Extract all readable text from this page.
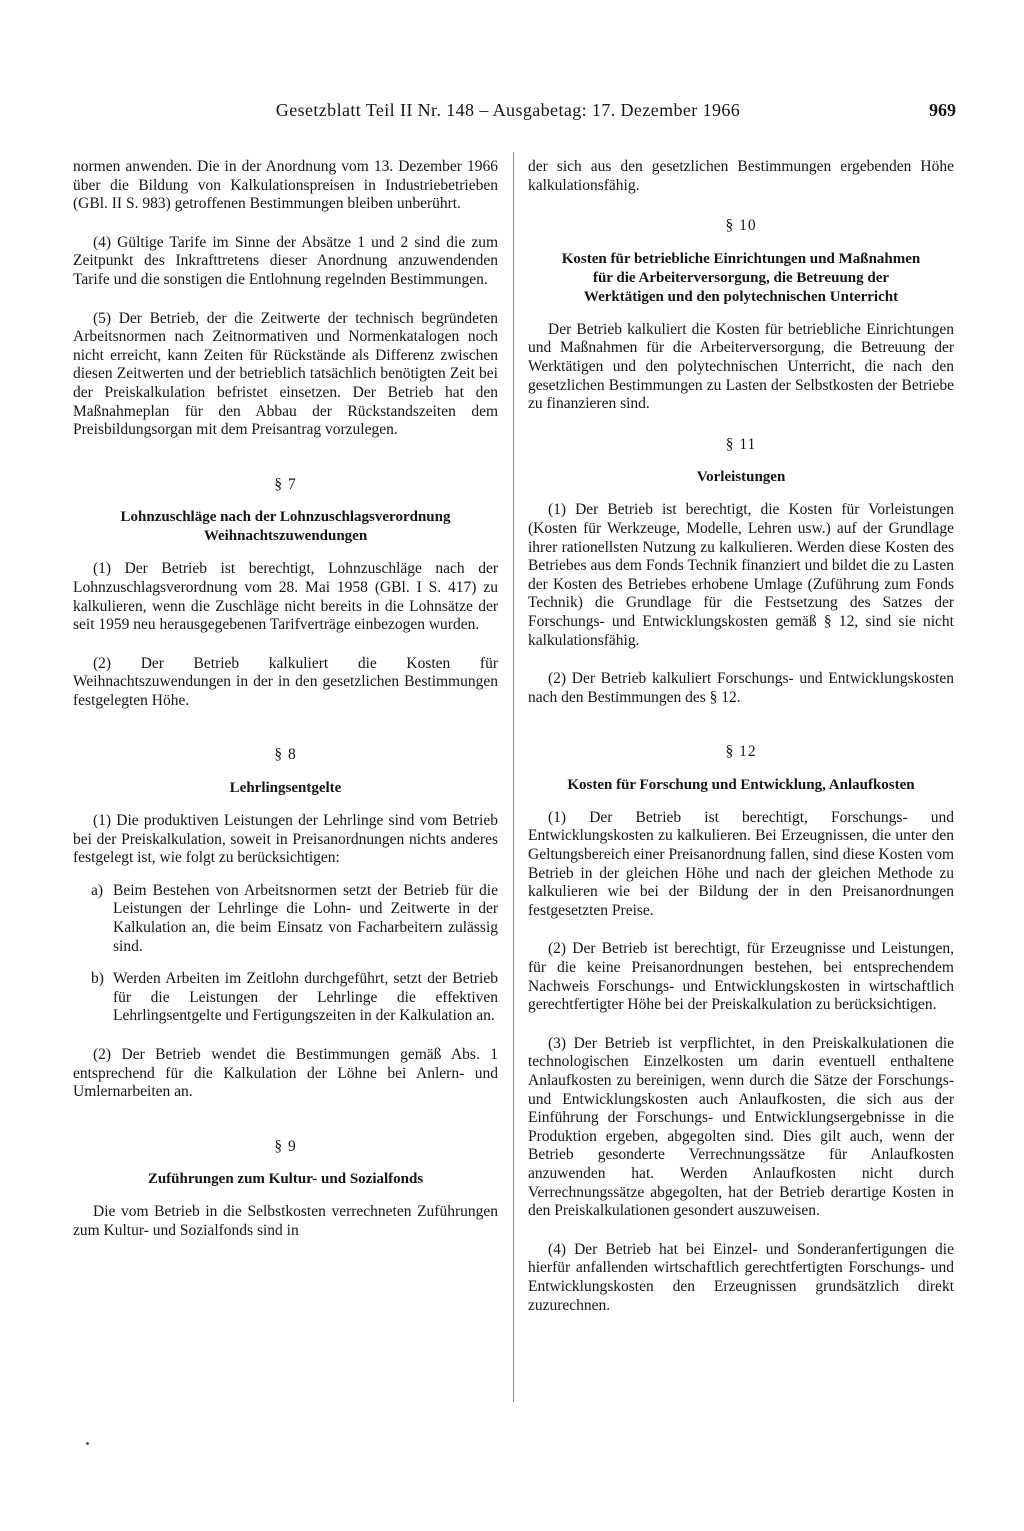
Gesetzblatt Teil II Nr. 148 – Ausgabetag: 17. Dezember 1966	969

normen anwenden. Die in der Anordnung vom 13. Dezember 1966 über die Bildung von Kalkulationspreisen in Industriebetrieben (GBl. II S. 983) getroffenen Bestimmungen bleiben unberührt.

(4) Gültige Tarife im Sinne der Absätze 1 und 2 sind die zum Zeitpunkt des Inkrafttretens dieser Anordnung anzuwendenden Tarife und die sonstigen die Entlohnung regelnden Bestimmungen.

(5) Der Betrieb, der die Zeitwerte der technisch begründeten Arbeitsnormen nach Zeitnormativen und Normenkatalogen noch nicht erreicht, kann Zeiten für Rückstände als Differenz zwischen diesen Zeitwerten und der betrieblich tatsächlich benötigten Zeit bei der Preiskalkulation befristet einsetzen. Der Betrieb hat den Maßnahmeplan für den Abbau der Rückstandszeiten dem Preisbildungsorgan mit dem Preisantrag vorzulegen.

§ 7
Lohnzuschläge nach der Lohnzuschlagsverordnung
Weihnachtszuwendungen

(1) Der Betrieb ist berechtigt, Lohnzuschläge nach der Lohnzuschlagsverordnung vom 28. Mai 1958 (GBl. I S. 417) zu kalkulieren, wenn die Zuschläge nicht bereits in die Lohnsätze der seit 1959 neu herausgegebenen Tarifverträge einbezogen wurden.

(2) Der Betrieb kalkuliert die Kosten für Weihnachtszuwendungen in der in den gesetzlichen Bestimmungen festgelegten Höhe.

§ 8
Lehrlingsentgelte

(1) Die produktiven Leistungen der Lehrlinge sind vom Betrieb bei der Preiskalkulation, soweit in Preisanordnungen nichts anderes festgelegt ist, wie folgt zu berücksichtigen:

a) Beim Bestehen von Arbeitsnormen setzt der Betrieb für die Leistungen der Lehrlinge die Lohn- und Zeitwerte in der Kalkulation an, die beim Einsatz von Facharbeitern zulässig sind.

b) Werden Arbeiten im Zeitlohn durchgeführt, setzt der Betrieb für die Leistungen der Lehrlinge die effektiven Lehrlingsentgelte und Fertigungszeiten in der Kalkulation an.

(2) Der Betrieb wendet die Bestimmungen gemäß Abs. 1 entsprechend für die Kalkulation der Löhne bei Anlern- und Umlernarbeiten an.

§ 9
Zuführungen zum Kultur- und Sozialfonds

Die vom Betrieb in die Selbstkosten verrechneten Zuführungen zum Kultur- und Sozialfonds sind in

der sich aus den gesetzlichen Bestimmungen ergebenden Höhe kalkulationsfähig.

§ 10
Kosten für betriebliche Einrichtungen und Maßnahmen
für die Arbeiterversorgung, die Betreuung der
Werktätigen und den polytechnischen Unterricht

Der Betrieb kalkuliert die Kosten für betriebliche Einrichtungen und Maßnahmen für die Arbeiterversorgung, die Betreuung der Werktätigen und den polytechnischen Unterricht, die nach den gesetzlichen Bestimmungen zu Lasten der Selbstkosten der Betriebe zu finanzieren sind.

§ 11
Vorleistungen

(1) Der Betrieb ist berechtigt, die Kosten für Vorleistungen (Kosten für Werkzeuge, Modelle, Lehren usw.) auf der Grundlage ihrer rationellsten Nutzung zu kalkulieren. Werden diese Kosten des Betriebes aus dem Fonds Technik finanziert und bildet die zu Lasten der Kosten des Betriebes erhobene Umlage (Zuführung zum Fonds Technik) die Grundlage für die Festsetzung des Satzes der Forschungs- und Entwicklungskosten gemäß § 12, sind sie nicht kalkulationsfähig.

(2) Der Betrieb kalkuliert Forschungs- und Entwicklungskosten nach den Bestimmungen des § 12.

§ 12
Kosten für Forschung und Entwicklung, Anlaufkosten

(1) Der Betrieb ist berechtigt, Forschungs- und Entwicklungskosten zu kalkulieren. Bei Erzeugnissen, die unter den Geltungsbereich einer Preisanordnung fallen, sind diese Kosten vom Betrieb in der gleichen Höhe und nach der gleichen Methode zu kalkulieren wie bei der Bildung der in den Preisanordnungen festgesetzten Preise.

(2) Der Betrieb ist berechtigt, für Erzeugnisse und Leistungen, für die keine Preisanordnungen bestehen, bei entsprechendem Nachweis Forschungs- und Entwicklungskosten in wirtschaftlich gerechtfertigter Höhe bei der Preiskalkulation zu berücksichtigen.

(3) Der Betrieb ist verpflichtet, in den Preiskalkulationen die technologischen Einzelkosten um darin eventuell enthaltene Anlaufkosten zu bereinigen, wenn durch die Sätze der Forschungs- und Entwicklungskosten auch Anlaufkosten, die sich aus der Einführung der Forschungs- und Entwicklungsergebnisse in die Produktion ergeben, abgegolten sind. Dies gilt auch, wenn der Betrieb gesonderte Verrechnungssätze für Anlaufkosten anzuwenden hat. Werden Anlaufkosten nicht durch Verrechnungssätze abgegolten, hat der Betrieb derartige Kosten in den Preiskalkulationen gesondert auszuweisen.

(4) Der Betrieb hat bei Einzel- und Sonderanfertigungen die hierfür anfallenden wirtschaftlich gerechtfertigten Forschungs- und Entwicklungskosten den Erzeugnissen grundsätzlich direkt zuzurechnen.
